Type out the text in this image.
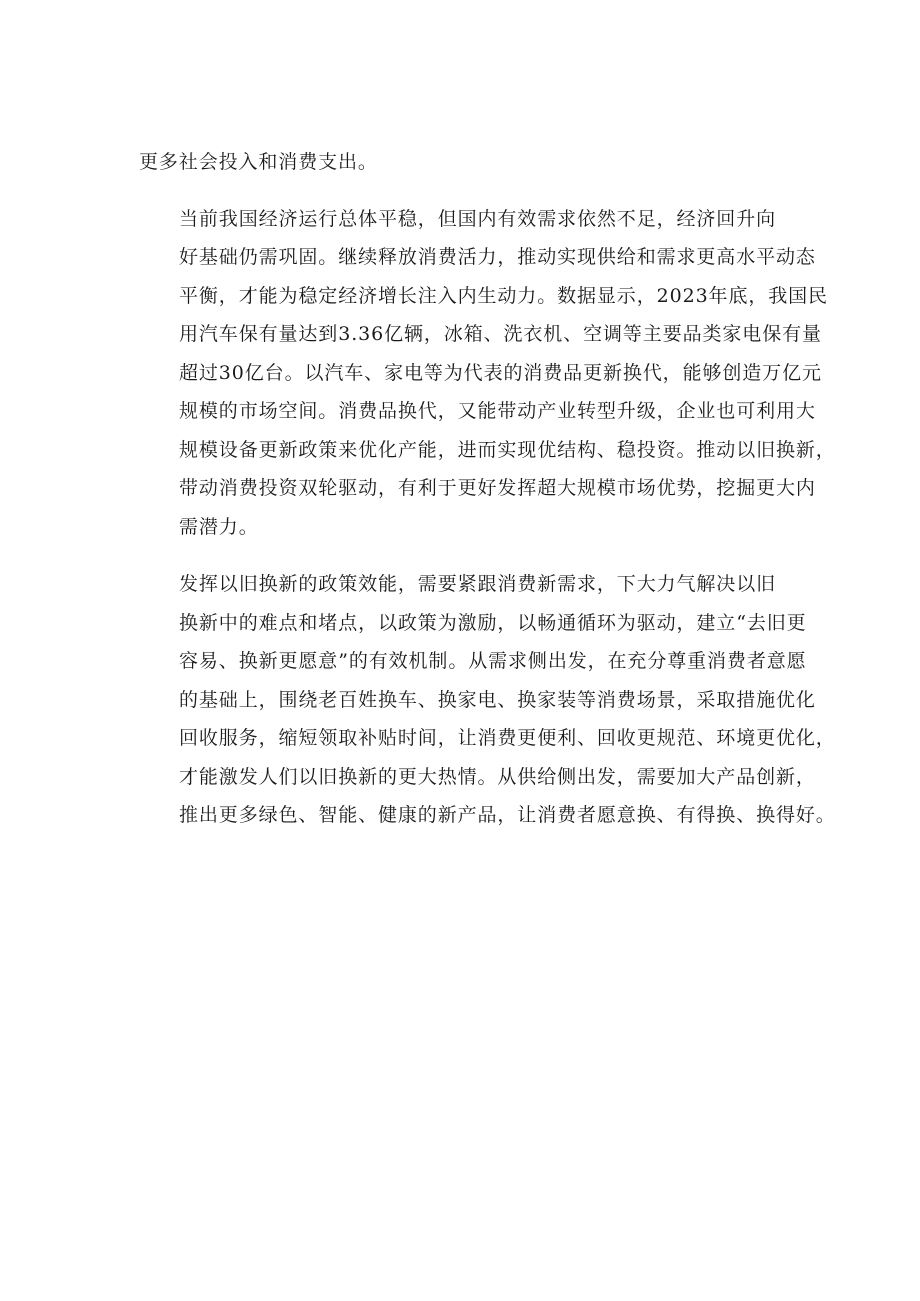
更多社会投入和消费支出。

当前我国经济运行总体平稳，但国内有效需求依然不足，经济回升向
好基础仍需巩固。继续释放消费活力，推动实现供给和需求更高水平动态
平衡，才能为稳定经济增长注入内生动力。数据显示，2023年底，我国民
用汽车保有量达到3.36亿辆，冰箱、洗衣机、空调等主要品类家电保有量
超过30亿台。以汽车、家电等为代表的消费品更新换代，能够创造万亿元
规模的市场空间。消费品换代，又能带动产业转型升级，企业也可利用大
规模设备更新政策来优化产能，进而实现优结构、稳投资。推动以旧换新，
带动消费投资双轮驱动，有利于更好发挥超大规模市场优势，挖掘更大内
需潜力。

发挥以旧换新的政策效能，需要紧跟消费新需求，下大力气解决以旧
换新中的难点和堵点，以政策为激励，以畅通循环为驱动，建立“去旧更
容易、换新更愿意”的有效机制。从需求侧出发，在充分尊重消费者意愿
的基础上，围绕老百姓换车、换家电、换家装等消费场景，采取措施优化
回收服务，缩短领取补贴时间，让消费更便利、回收更规范、环境更优化，
才能激发人们以旧换新的更大热情。从供给侧出发，需要加大产品创新，
推出更多绿色、智能、健康的新产品，让消费者愿意换、有得换、换得好。
